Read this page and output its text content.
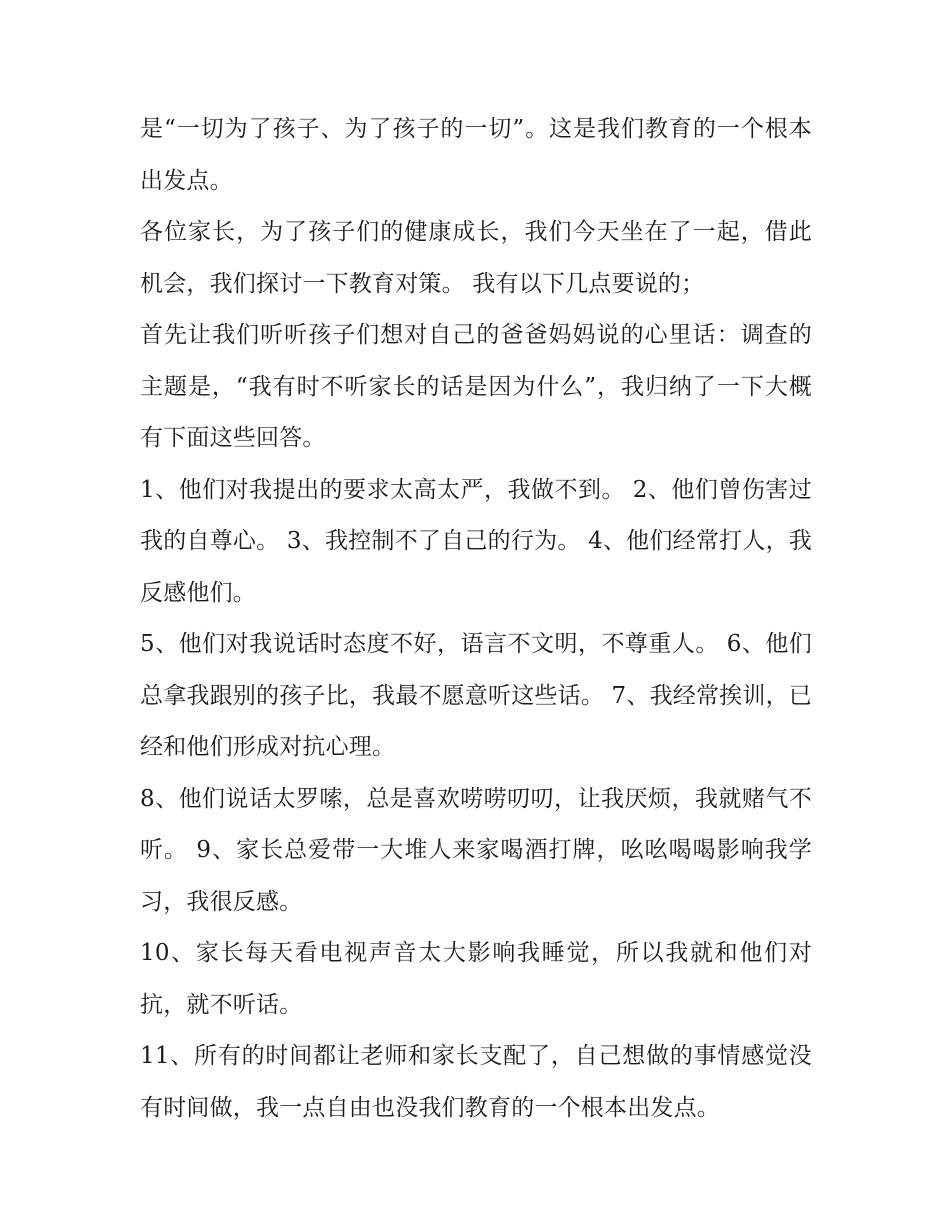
是“一切为了孩子、为了孩子的一切”。这是我们教育的一个根本出发点。

各位家长，为了孩子们的健康成长，我们今天坐在了一起，借此机会，我们探讨一下教育对策。 我有以下几点要说的；

首先让我们听听孩子们想对自己的爸爸妈妈说的心里话：调查的主题是，“我有时不听家长的话是因为什么”，我归纳了一下大概有下面这些回答。

1、他们对我提出的要求太高太严，我做不到。 2、他们曾伤害过我的自尊心。 3、我控制不了自己的行为。 4、他们经常打人，我反感他们。

5、他们对我说话时态度不好，语言不文明，不尊重人。 6、他们总拿我跟别的孩子比，我最不愿意听这些话。 7、我经常挨训，已经和他们形成对抗心理。

8、他们说话太罗嗦，总是喜欢唠唠叨叨，让我厌烦，我就赌气不听。 9、家长总爱带一大堆人来家喝酒打牌，吆吆喝喝影响我学习，我很反感。

10、家长每天看电视声音太大影响我睡觉，所以我就和他们对抗，就不听话。

11、所有的时间都让老师和家长支配了，自己想做的事情感觉没有时间做，我一点自由也没我们教育的一个根本出发点。
